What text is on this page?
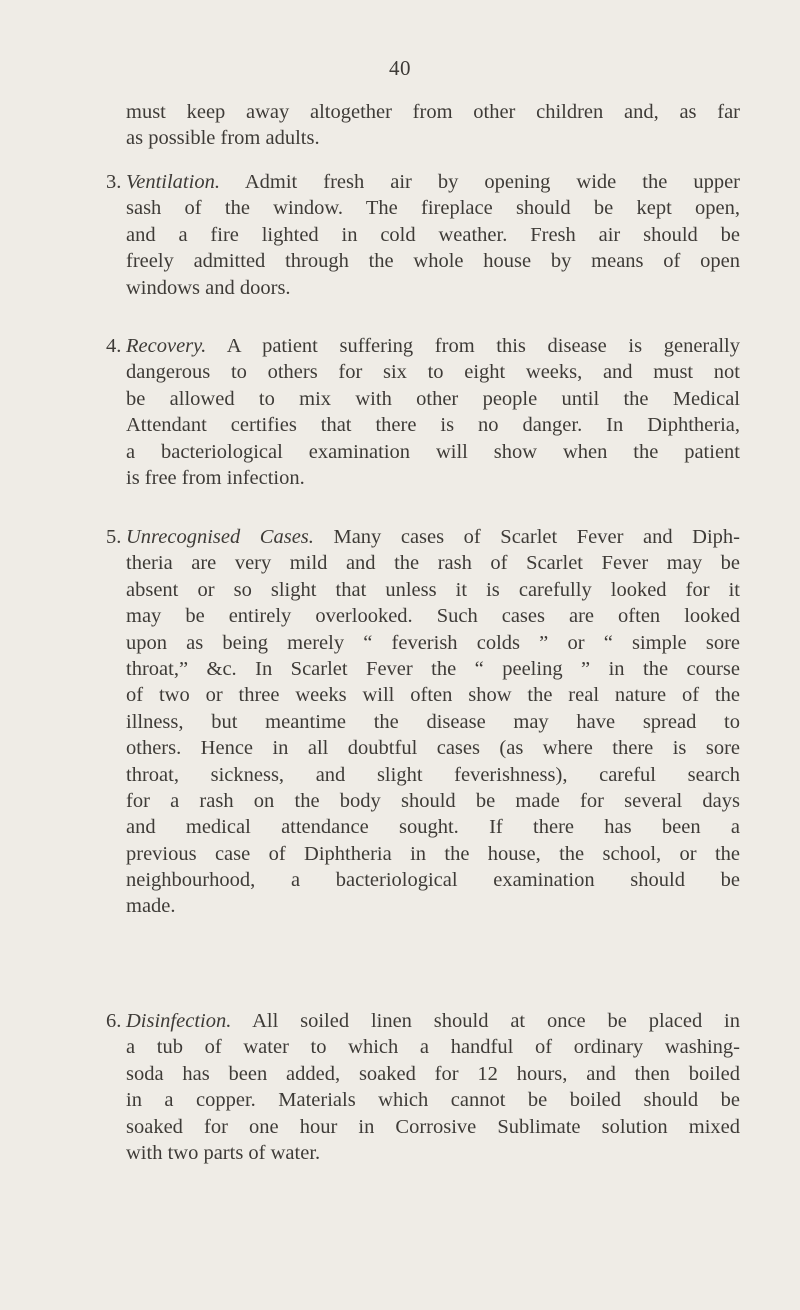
40
must keep away altogether from other children and, as far
as possible from adults.
3. Ventilation. Admit fresh air by opening wide the upper
sash of the window. The fireplace should be kept open,
and a fire lighted in cold weather. Fresh air should be
freely admitted through the whole house by means of open
windows and doors.
4. Recovery. A patient suffering from this disease is generally
dangerous to others for six to eight weeks, and must not
be allowed to mix with other people until the Medical
Attendant certifies that there is no danger. In Diphtheria,
a bacteriological examination will show when the patient
is free from infection.
5. Unrecognised Cases. Many cases of Scarlet Fever and Diph-
theria are very mild and the rash of Scarlet Fever may be
absent or so slight that unless it is carefully looked for it
may be entirely overlooked. Such cases are often looked
upon as being merely “ feverish colds ” or “ simple sore
throat,” &c. In Scarlet Fever the “ peeling ” in the course
of two or three weeks will often show the real nature of the
illness, but meantime the disease may have spread to
others. Hence in all doubtful cases (as where there is sore
throat, sickness, and slight feverishness), careful search
for a rash on the body should be made for several days
and medical attendance sought. If there has been a
previous case of Diphtheria in the house, the school, or the
neighbourhood, a bacteriological examination should be
made.
6. Disinfection. All soiled linen should at once be placed in
a tub of water to which a handful of ordinary washing-
soda has been added, soaked for 12 hours, and then boiled
in a copper. Materials which cannot be boiled should be
soaked for one hour in Corrosive Sublimate solution mixed
with two parts of water.
